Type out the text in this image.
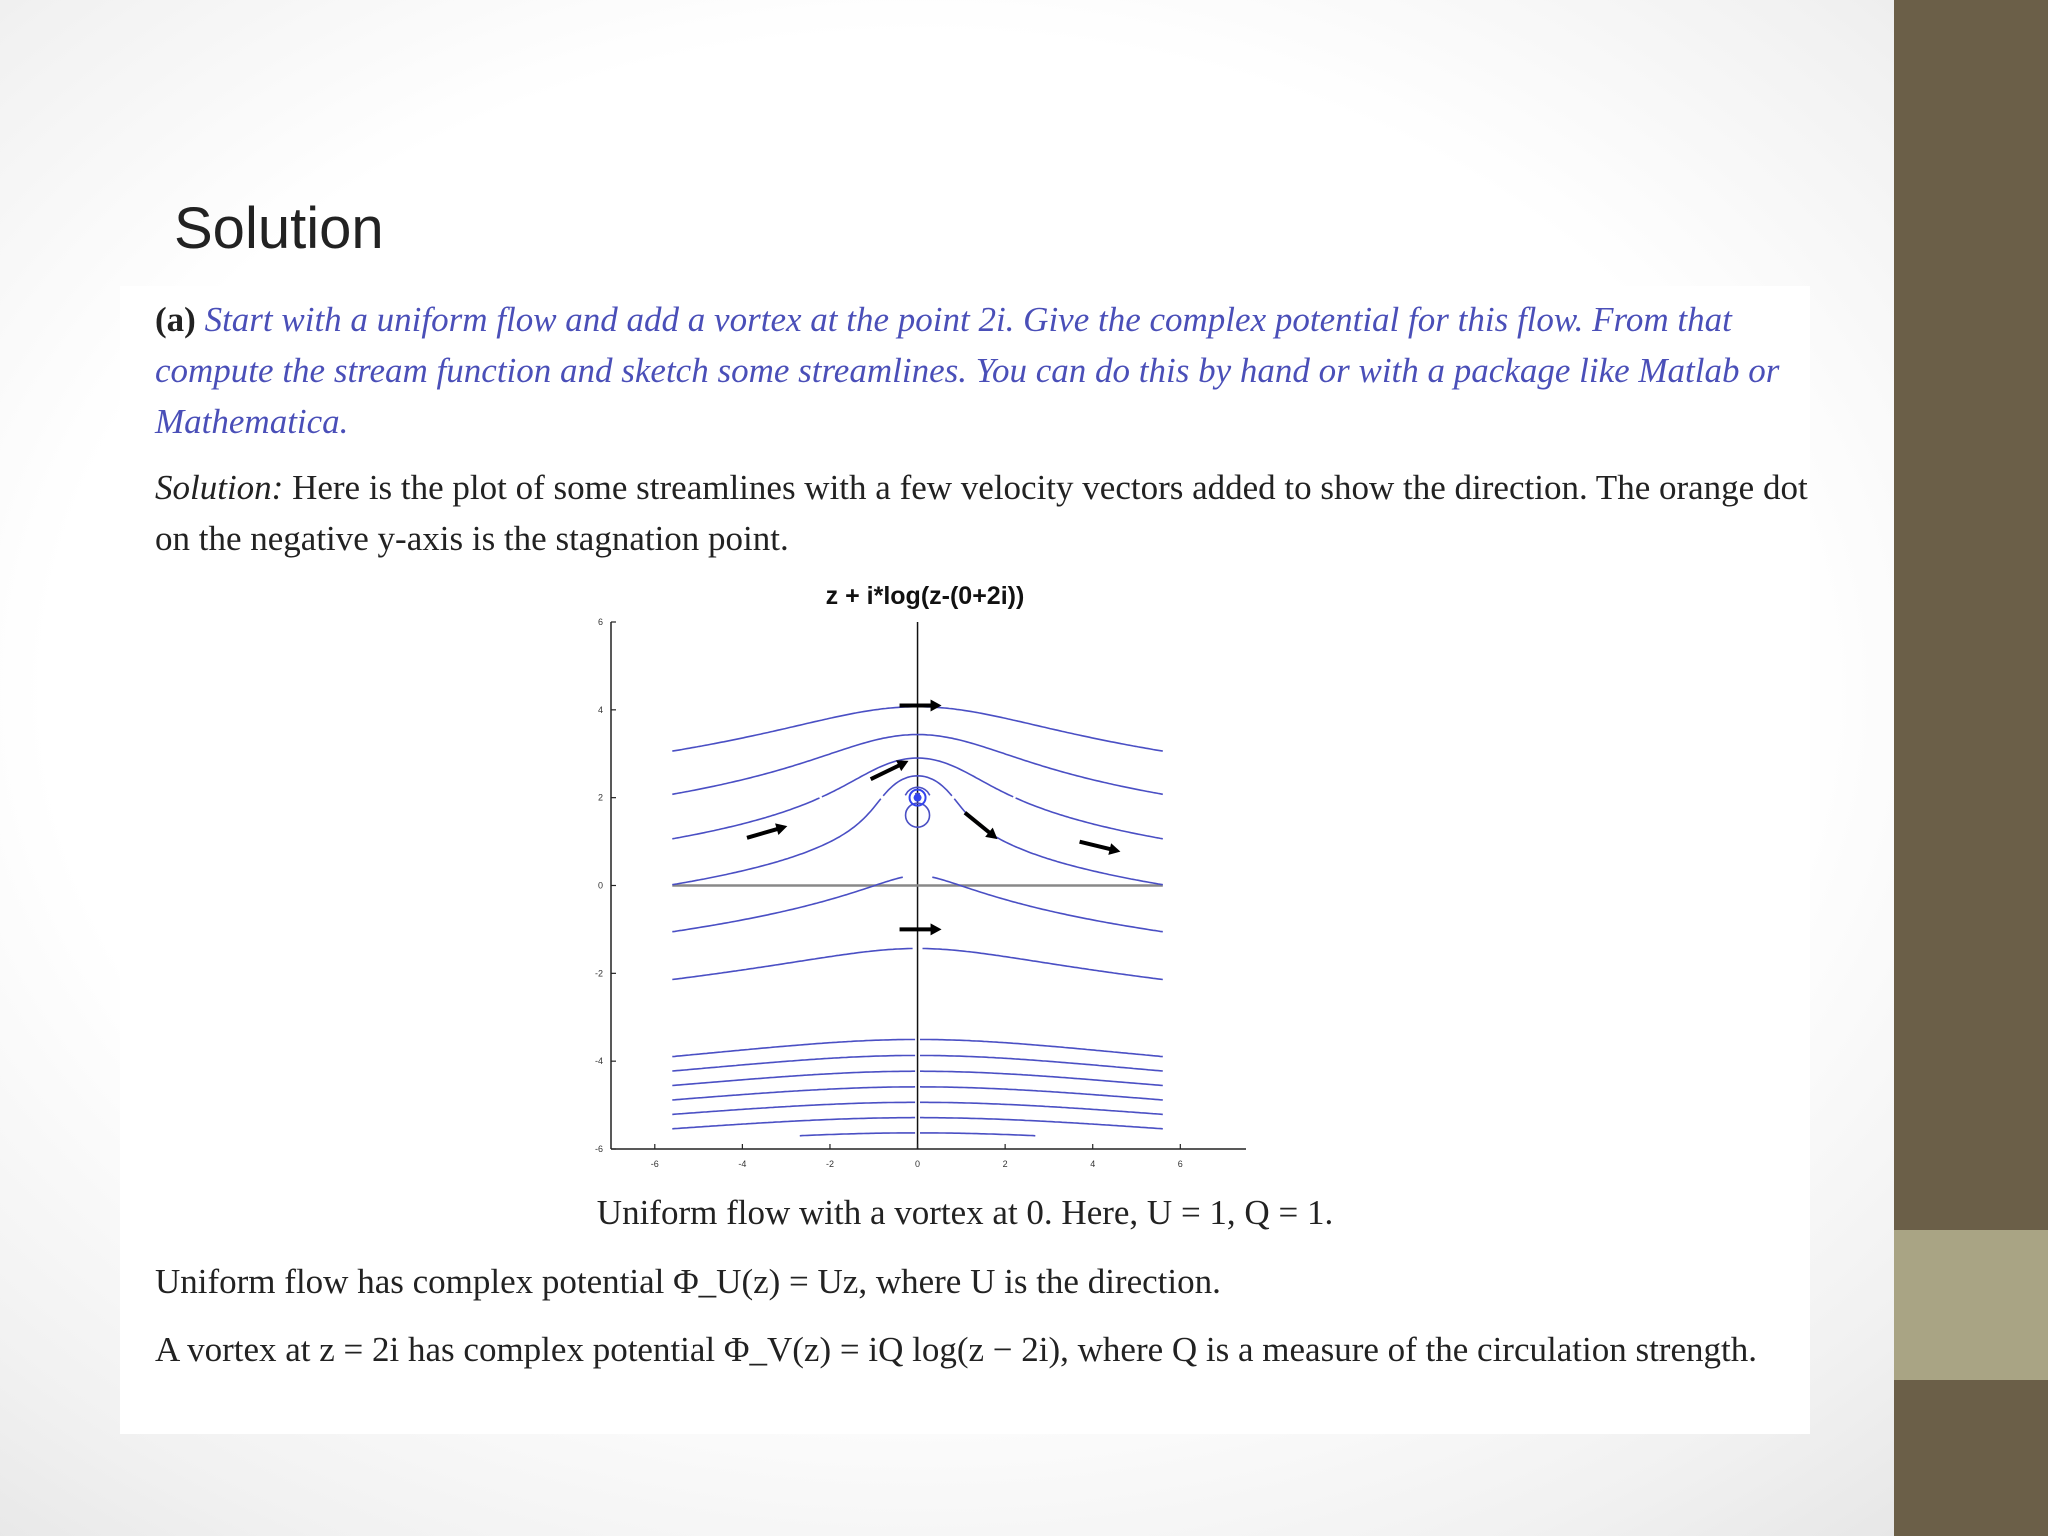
Solution

(a) Start with a uniform flow and add a vortex at the point 2i. Give the complex potential for this flow. From that compute the stream function and sketch some streamlines. You can do this by hand or with a package like Matlab or Mathematica.

Solution: Here is the plot of some streamlines with a few velocity vectors added to show the direction. The orange dot on the negative y-axis is the stagnation point.

z + i*log(z-(0+2i))
-6
-4
-2
0
2
4
6
-6	-4	-2	0	2	4	6
Uniform flow with a vortex at 0. Here, U = 1, Q = 1.

Uniform flow has complex potential Φ_U(z) = Uz, where U is the direction.

A vortex at z = 2i has complex potential Φ_V(z) = iQ log(z − 2i), where Q is a measure of the circulation strength.
